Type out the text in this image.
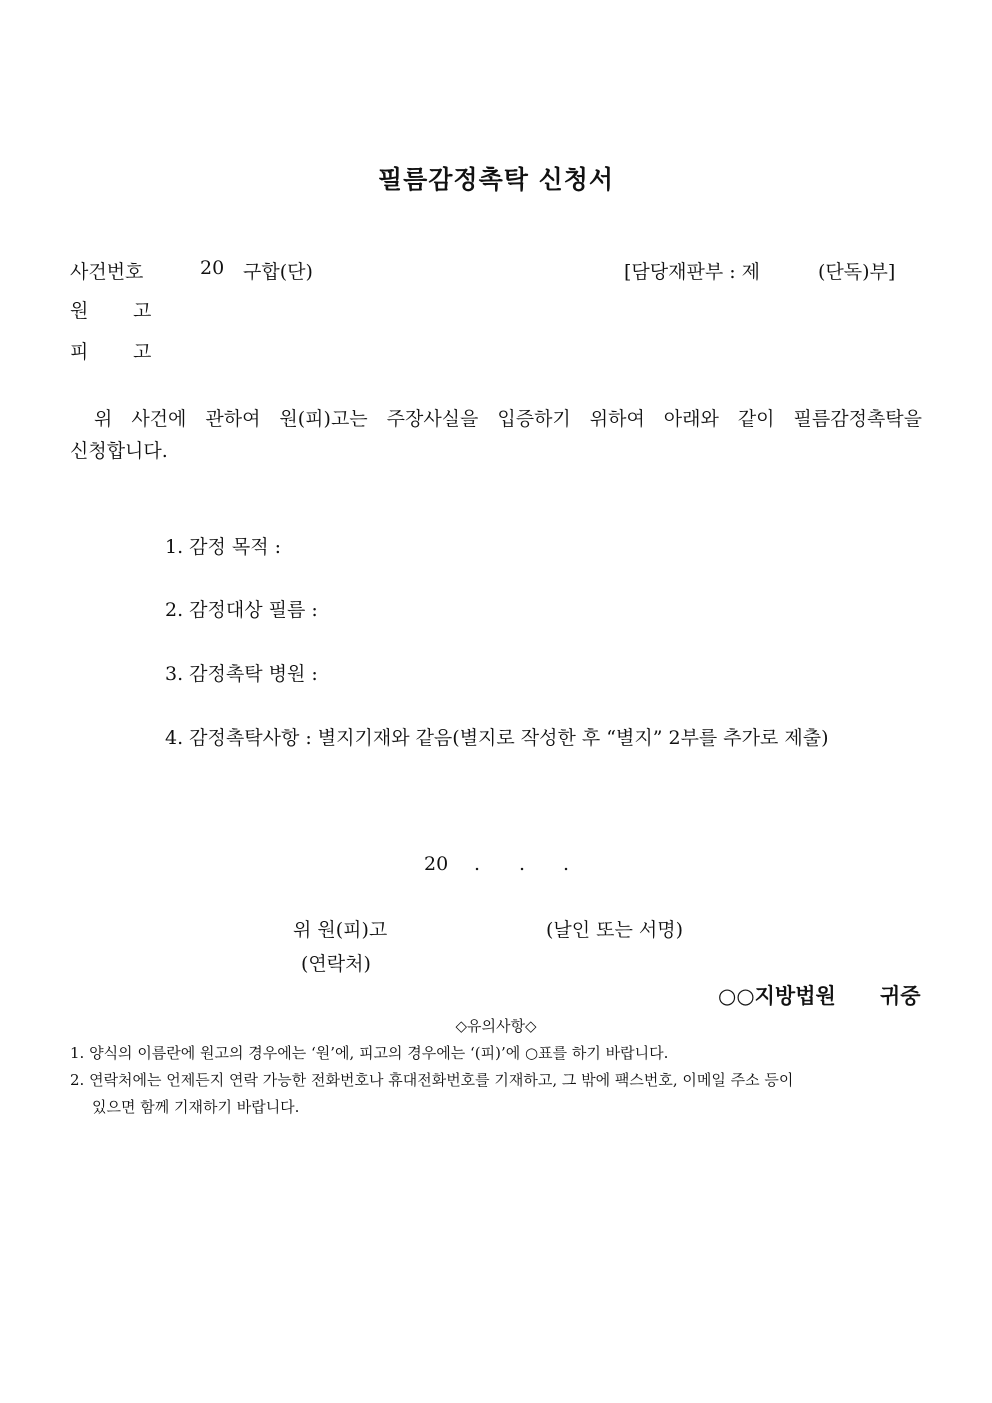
필름감정촉탁 신청서
사건번호	20 구합(단)	[담당재판부 : 제	(단독)부]
원 고
피 고
위 사건에 관하여 원(피)고는 주장사실을 입증하기 위하여 아래와 같이 필름감정촉탁을
신청합니다.
1. 감정 목적 :
2. 감정대상 필름 :
3. 감정촉탁 병원 :
4. 감정촉탁사항 : 별지기재와 같음(별지로 작성한 후 “별지” 2부를 추가로 제출)
20 . . .
위 원(피)고	(날인 또는 서명)
(연락처)
○○지방법원 귀중
◇유의사항◇
1. 양식의 이름란에 원고의 경우에는 ‘원’에, 피고의 경우에는 ‘(피)’에 ○표를 하기 바랍니다.
2. 연락처에는 언제든지 연락 가능한 전화번호나 휴대전화번호를 기재하고, 그 밖에 팩스번호, 이메일 주소 등이
있으면 함께 기재하기 바랍니다.
